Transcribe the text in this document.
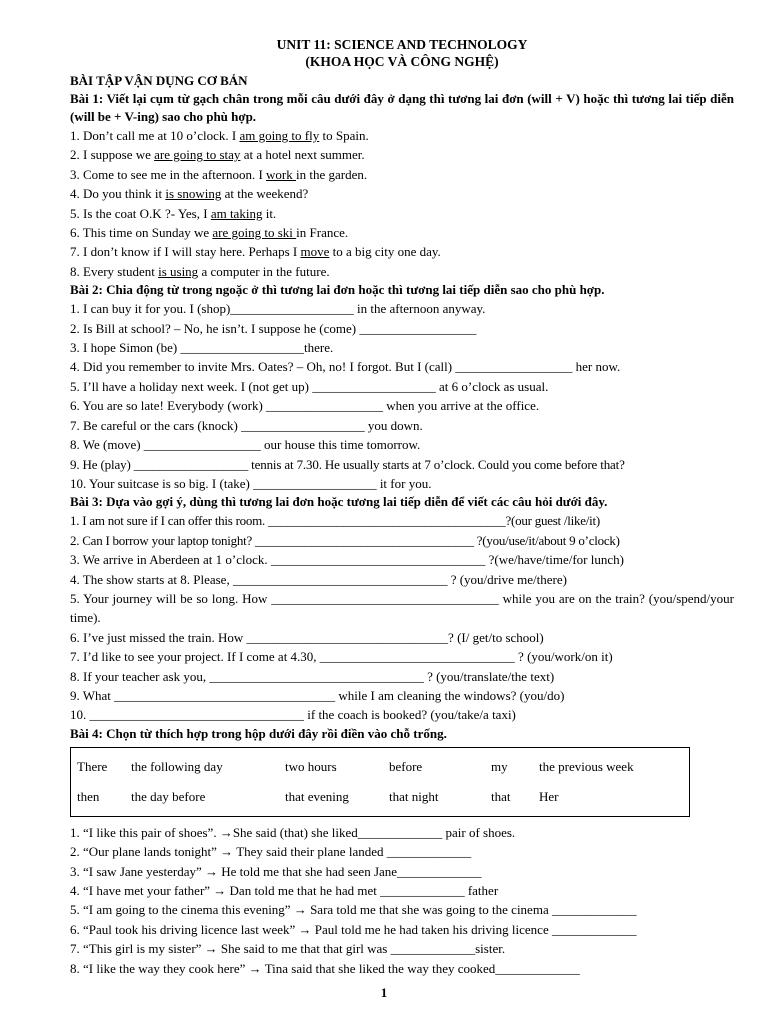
UNIT 11: SCIENCE AND TECHNOLOGY
(KHOA HỌC VÀ CÔNG NGHỆ)
BÀI TẬP VẬN DỤNG CƠ BẢN
Bài 1: Viết lại cụm từ gạch chân trong mỗi câu dưới đây ở dạng thì tương lai đơn (will + V) hoặc thì tương lai tiếp diễn (will be + V-ing) sao cho phù hợp.
1. Don’t call me at 10 o’clock. I am going to fly to Spain.
2. I suppose we are going to stay at a hotel next summer.
3. Come to see me in the afternoon. I work in the garden.
4. Do you think it is snowing at the weekend?
5. Is the coat O.K ?- Yes, I am taking it.
6. This time on Sunday we are going to ski in France.
7. I don’t know if I will stay here. Perhaps I move to a big city one day.
8. Every student is using a computer in the future.
Bài 2: Chia động từ trong ngoặc ở thì tương lai đơn hoặc thì tương lai tiếp diễn sao cho phù hợp.
1. I can buy it for you. I (shop)___________________ in the afternoon anyway.
2. Is Bill at school? – No, he isn’t. I suppose he (come) __________________
3. I hope Simon (be) ___________________there.
4. Did you remember to invite Mrs. Oates? – Oh, no! I forgot. But I (call) __________________ her now.
5. I’ll have a holiday next week. I (not get up) ___________________ at 6 o’clock as usual.
6. You are so late! Everybody (work) __________________ when you arrive at the office.
7. Be careful or the cars (knock) ___________________ you down.
8. We (move) __________________ our house this time tomorrow.
9. He (play) __________________ tennis at 7.30. He usually starts at 7 o’clock. Could you come before that?
10. Your suitcase is so big. I (take) ___________________ it for you.
Bài 3: Dựa vào gợi ý, dùng thì tương lai đơn hoặc tương lai tiếp diễn để viết các câu hỏi dưới đây.
1. I am not sure if I can offer this room. ______________________________________?(our guest /like/it)
2. Can I borrow your laptop tonight? ___________________________________ ?(you/use/it/about 9 o’clock)
3. We arrive in Aberdeen at 1 o’clock. _________________________________ ?(we/have/time/for lunch)
4. The show starts at 8. Please, _________________________________ ? (you/drive me/there)
5. Your journey will be so long. How ___________________________________ while you are on the train? (you/spend/your time).
6. I’ve just missed the train. How _______________________________? (I/ get/to school)
7. I’d like to see your project. If I come at 4.30, ______________________________ ? (you/work/on it)
8. If your teacher ask you, _________________________________ ? (you/translate/the text)
9. What __________________________________ while I am cleaning the windows? (you/do)
10. _________________________________ if the coach is booked? (you/take/a taxi)
Bài 4: Chọn từ thích hợp trong hộp dưới đây rồi điền vào chỗ trống.
There	the following day	two hours	before	my	the previous week
then	the day before	that evening	that night	that	Her
1. “I like this pair of shoes”. →She said (that) she liked_____________ pair of shoes.
2. “Our plane lands tonight” → They said their plane landed _____________
3. “I saw Jane yesterday” → He told me that she had seen Jane_____________
4. “I have met your father” → Dan told me that he had met _____________ father
5. “I am going to the cinema this evening” → Sara told me that she was going to the cinema _____________
6. “Paul took his driving licence last week” → Paul told me he had taken his driving licence _____________
7. “This girl is my sister” → She said to me that that girl was _____________sister.
8. “I like the way they cook here” → Tina said that she liked the way they cooked_____________
1
